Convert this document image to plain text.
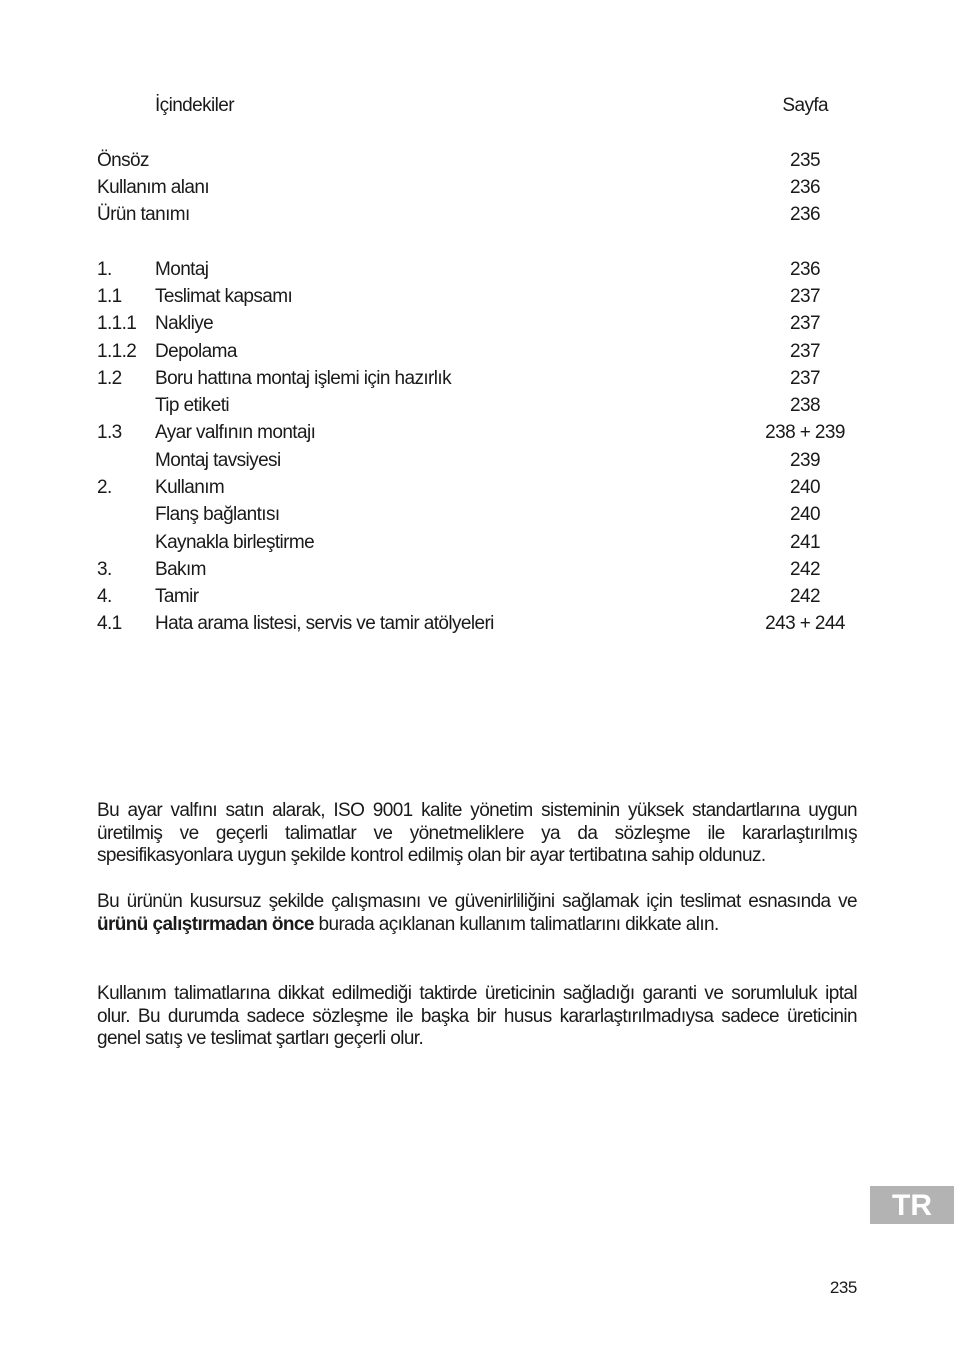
İçindekiler	Sayfa
Önsöz	235
Kullanım alanı	236
Ürün tanımı	236
1. Montaj	236
1.1 Teslimat kapsamı	237
1.1.1 Nakliye	237
1.1.2 Depolama	237
1.2 Boru hattına montaj işlemi için hazırlık	237
Tip etiketi	238
1.3 Ayar valfının montajı	238 + 239
Montaj tavsiyesi	239
2. Kullanım	240
Flanş bağlantısı	240
Kaynakla birleştirme	241
3. Bakım	242
4. Tamir	242
4.1 Hata arama listesi, servis ve tamir atölyeleri	243 + 244
Bu ayar valfını satın alarak, ISO 9001 kalite yönetim sisteminin yüksek standartlarına uygun üretilmiş ve geçerli talimatlar ve yönetmeliklere ya da sözleşme ile kararlaştırılmış spesifikasyonlara uygun şekilde kontrol edilmiş olan bir ayar tertibatına sahip oldunuz.
Bu ürünün kusursuz şekilde çalışmasını ve güvenirliliğini sağlamak için teslimat esnasında ve ürünü çalıştırmadan önce burada açıklanan kullanım talimatlarını dikkate alın.
Kullanım talimatlarına dikkat edilmediği taktirde üreticinin sağladığı garanti ve sorumluluk iptal olur. Bu durumda sadece sözleşme ile başka bir husus kararlaştırılmadıysa sadece üreticinin genel satış ve teslimat şartları geçerli olur.
TR
235
